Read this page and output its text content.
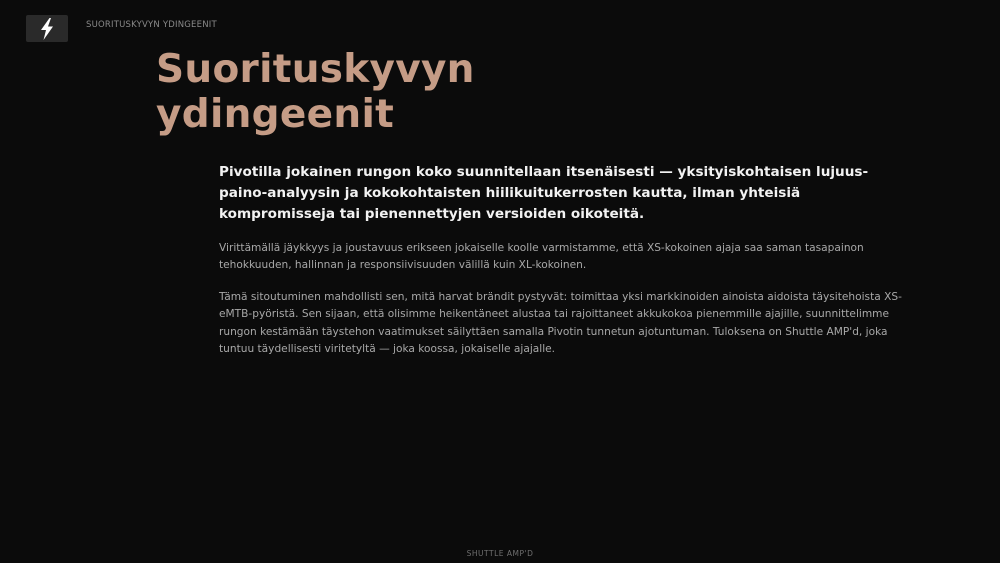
SUORITUSKYVYN YDINGEENIT
Suorituskyvyn ydingeenit

Pivotilla jokainen rungon koko suunnitellaan itsenäisesti — yksityiskohtaisen lujuus-paino-analyysin ja kokokohtaisten hiilikuitukerrosten kautta, ilman yhteisiä kompromisseja tai pienennettyjen versioiden oikoteitä.

Virittämällä jäykkyys ja joustavuus erikseen jokaiselle koolle varmistamme, että XS-kokoinen ajaja saa saman tasapainon tehokkuuden, hallinnan ja responsiivisuuden välillä kuin XL-kokoinen.

Tämä sitoutuminen mahdollisti sen, mitä harvat brändit pystyvät: toimittaa yksi markkinoiden ainoista aidoista täysitehoista XS-eMTB-pyöristä. Sen sijaan, että olisimme heikentäneet alustaa tai rajoittaneet akkukokoa pienemmille ajajille, suunnittelimme rungon kestämään täystehon vaatimukset säilyttäen samalla Pivotin tunnetun ajotuntuman. Tuloksena on Shuttle AMP'd, joka tuntuu täydellisesti viritetyltä — joka koossa, jokaiselle ajajalle.

SHUTTLE AMP'D
